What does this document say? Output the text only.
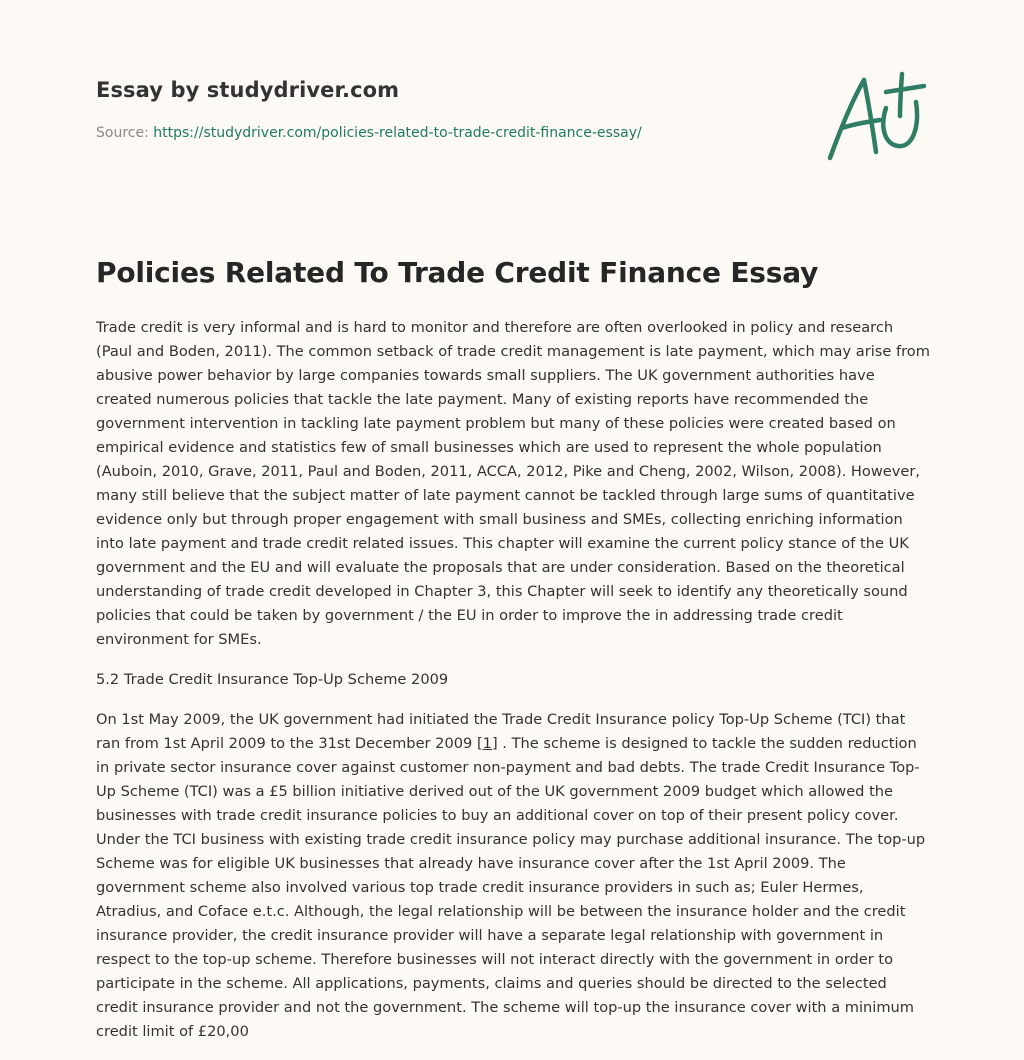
Essay by studydriver.com
Source: https://studydriver.com/policies-related-to-trade-credit-finance-essay/
Policies Related To Trade Credit Finance Essay

Trade credit is very informal and is hard to monitor and therefore are often overlooked in policy and research (Paul and Boden, 2011). The common setback of trade credit management is late payment, which may arise from abusive power behavior by large companies towards small suppliers. The UK government authorities have created numerous policies that tackle the late payment. Many of existing reports have recommended the government intervention in tackling late payment problem but many of these policies were created based on empirical evidence and statistics few of small businesses which are used to represent the whole population (Auboin, 2010, Grave, 2011, Paul and Boden, 2011, ACCA, 2012, Pike and Cheng, 2002, Wilson, 2008). However, many still believe that the subject matter of late payment cannot be tackled through large sums of quantitative evidence only but through proper engagement with small business and SMEs, collecting enriching information into late payment and trade credit related issues. This chapter will examine the current policy stance of the UK government and the EU and will evaluate the proposals that are under consideration. Based on the theoretical understanding of trade credit developed in Chapter 3, this Chapter will seek to identify any theoretically sound policies that could be taken by government / the EU in order to improve the in addressing trade credit environment for SMEs.

5.2 Trade Credit Insurance Top-Up Scheme 2009

On 1st May 2009, the UK government had initiated the Trade Credit Insurance policy Top-Up Scheme (TCI) that ran from 1st April 2009 to the 31st December 2009 [1] . The scheme is designed to tackle the sudden reduction in private sector insurance cover against customer non-payment and bad debts. The trade Credit Insurance Top-Up Scheme (TCI) was a £5 billion initiative derived out of the UK government 2009 budget which allowed the businesses with trade credit insurance policies to buy an additional cover on top of their present policy cover. Under the TCI business with existing trade credit insurance policy may purchase additional insurance. The top-up Scheme was for eligible UK businesses that already have insurance cover after the 1st April 2009. The government scheme also involved various top trade credit insurance providers in such as; Euler Hermes, Atradius, and Coface e.t.c. Although, the legal relationship will be between the insurance holder and the credit insurance provider, the credit insurance provider will have a separate legal relationship with government in respect to the top-up scheme. Therefore businesses will not interact directly with the government in order to participate in the scheme. All applications, payments, claims and queries should be directed to the selected credit insurance provider and not the government. The scheme will top-up the insurance cover with a minimum credit limit of £20,00
